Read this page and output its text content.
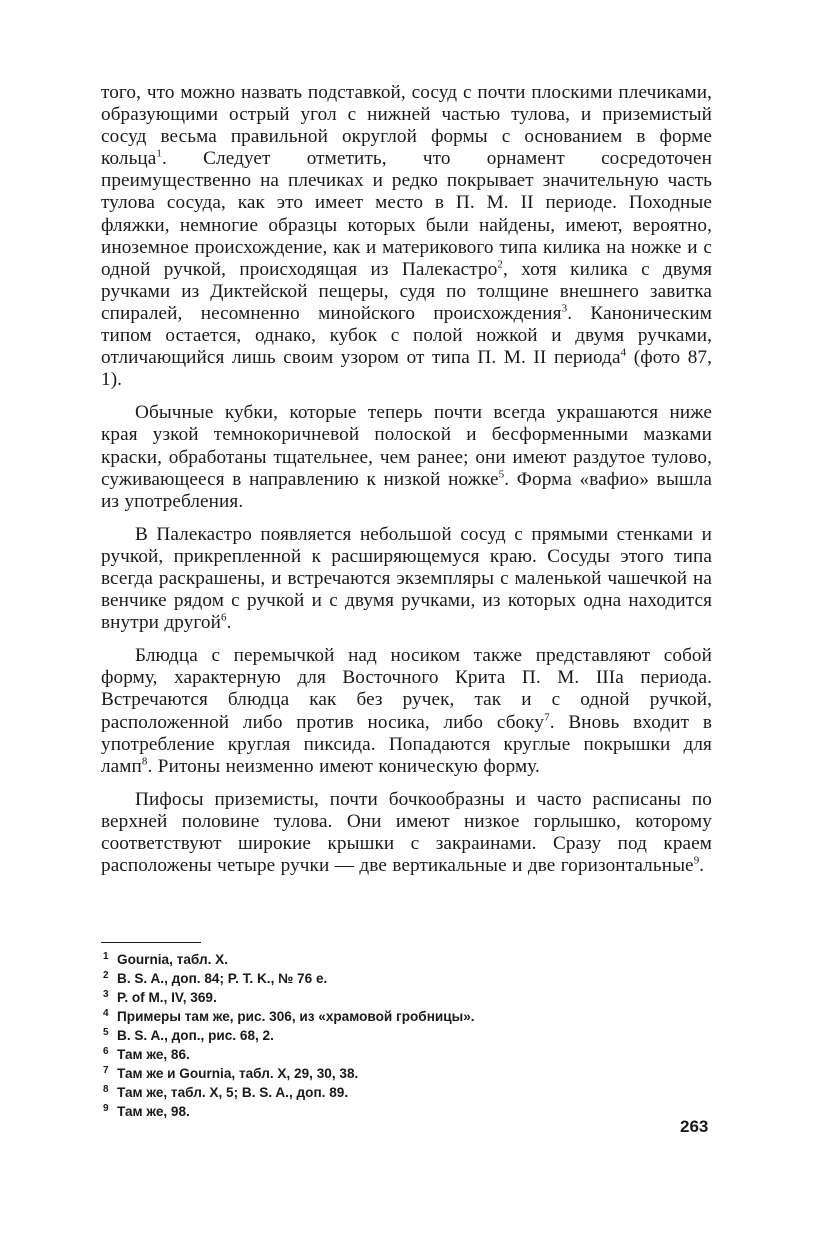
того, что можно назвать подставкой, сосуд с почти плоскими плечиками, образующими острый угол с нижней частью тулова, и приземистый сосуд весьма правильной округлой формы с основанием в форме кольца$^1$. Следует отметить, что орнамент сосредоточен преимущественно на плечиках и редко покрывает значительную часть тулова сосуда, как это имеет место в П. М. II периоде. Походные фляжки, немногие образцы которых были найдены, имеют, вероятно, иноземное происхождение, как и материкового типа килика на ножке и с одной ручкой, происходящая из Палекастро$^2$, хотя килика с двумя ручками из Диктейской пещеры, судя по толщине внешнего завитка спиралей, несомненно минойского происхождения$^3$. Каноническим типом остается, однако, кубок с полой ножкой и двумя ручками, отличающийся лишь своим узором от типа П. М. II периода$^4$ (фото 87, 1).

Обычные кубки, которые теперь почти всегда украшаются ниже края узкой темнокоричневой полоской и бесформенными мазками краски, обработаны тщательнее, чем ранее; они имеют раздутое тулово, суживающееся в направлению к низкой ножке$^5$. Форма «вафио» вышла из употребления.

В Палекастро появляется небольшой сосуд с прямыми стенками и ручкой, прикрепленной к расширяющемуся краю. Сосуды этого типа всегда раскрашены, и встречаются экземпляры с маленькой чашечкой на венчике рядом с ручкой и с двумя ручками, из которых одна находится внутри другой$^6$.

Блюдца с перемычкой над носиком также представляют собой форму, характерную для Восточного Крита П. М. IIIa периода. Встречаются блюдца как без ручек, так и с одной ручкой, расположенной либо против носика, либо сбоку$^7$. Вновь входит в употребление круглая пиксида. Попадаются круглые покрышки для ламп$^8$. Ритоны неизменно имеют коническую форму.

Пифосы приземисты, почти бочкообразны и часто расписаны по верхней половине тулова. Они имеют низкое горлышко, которому соответствуют широкие крышки с закраинами. Сразу под краем расположены четыре ручки — две вертикальные и две горизонтальные$^9$.

1 Gournia, табл. X.

2 B. S. A., доп. 84; P. T. K., № 76 е.

3 P. of M., IV, 369.

4 Примеры там же, рис. 306, из «храмовой гробницы».

5 B. S. A., доп., рис. 68, 2.

6 Там же, 86.

7 Там же и Gournia, табл. X, 29, 30, 38.

8 Там же, табл. X, 5; B. S. A., доп. 89.

9 Там же, 98.

263
